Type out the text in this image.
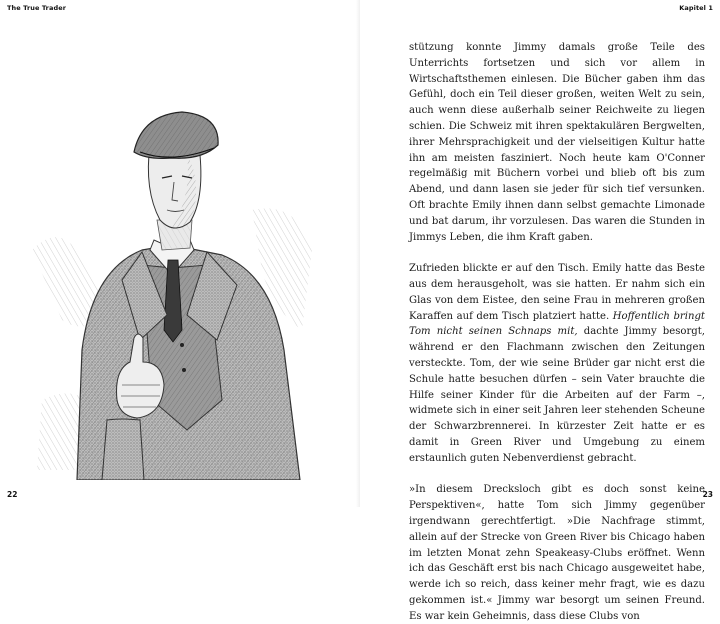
The True Trader
22
Kapitel 1

stützung konnte Jimmy damals große Teile des Unterrichts fortsetzen und sich vor allem in Wirtschaftsthemen einlesen. Die Bücher gaben ihm das Gefühl, doch ein Teil dieser großen, weiten Welt zu sein, auch wenn diese außerhalb seiner Reichweite zu liegen schien. Die Schweiz mit ihren spektakulären Bergwelten, ihrer Mehrsprachigkeit und der vielseitigen Kultur hatte ihn am meisten fasziniert. Noch heute kam O'Conner regelmäßig mit Büchern vorbei und blieb oft bis zum Abend, und dann lasen sie jeder für sich tief versunken. Oft brachte Emily ihnen dann selbst gemachte Limonade und bat darum, ihr vorzulesen. Das waren die Stunden in Jimmys Leben, die ihm Kraft gaben.

Zufrieden blickte er auf den Tisch. Emily hatte das Beste aus dem herausgeholt, was sie hatten. Er nahm sich ein Glas von dem Eistee, den seine Frau in mehreren großen Karaffen auf dem Tisch platziert hatte. Hoffentlich bringt Tom nicht seinen Schnaps mit, dachte Jimmy besorgt, während er den Flachmann zwischen den Zeitungen versteckte. Tom, der wie seine Brüder gar nicht erst die Schule hatte besuchen dürfen – sein Vater brauchte die Hilfe seiner Kinder für die Arbeiten auf der Farm –, widmete sich in einer seit Jahren leer stehenden Scheune der Schwarzbrennerei. In kürzester Zeit hatte er es damit in Green River und Umgebung zu einem erstaunlich guten Nebenverdienst gebracht.

»In diesem Drecksloch gibt es doch sonst keine Perspektiven«, hatte Tom sich Jimmy gegenüber irgendwann gerechtfertigt. »Die Nachfrage stimmt, allein auf der Strecke von Green River bis Chicago haben im letzten Monat zehn Speakeasy-Clubs eröffnet. Wenn ich das Geschäft erst bis nach Chicago ausgeweitet habe, werde ich so reich, dass keiner mehr fragt, wie es dazu gekommen ist.« Jimmy war besorgt um seinen Freund. Es war kein Geheimnis, dass diese Clubs von

23
